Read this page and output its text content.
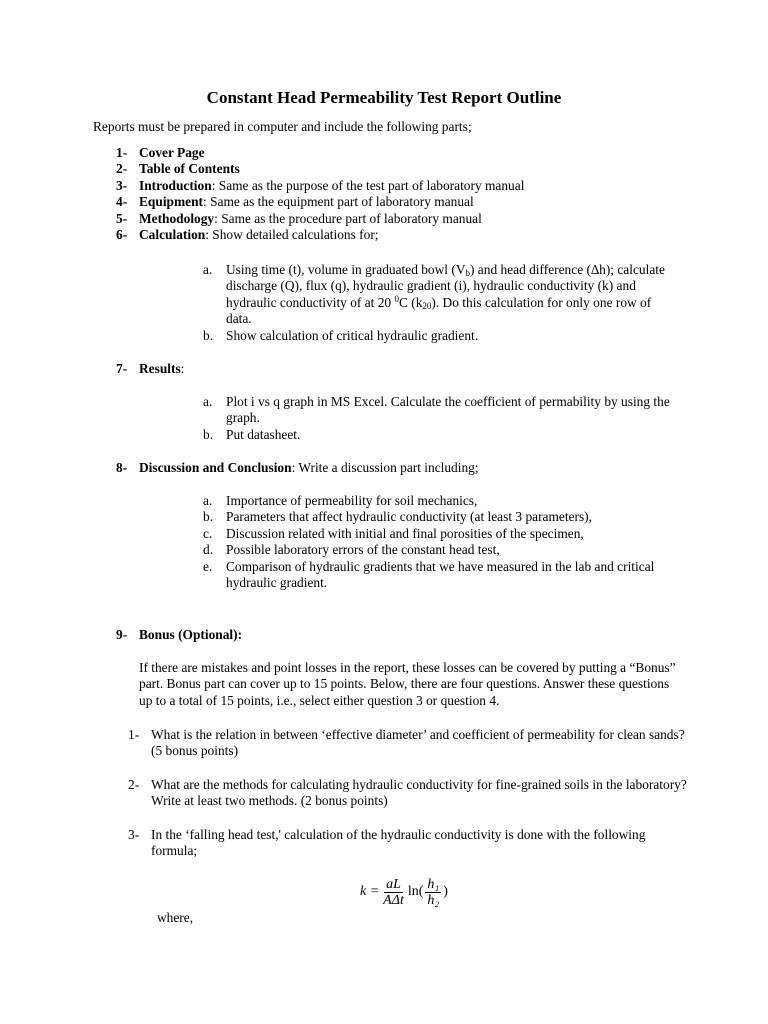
Constant Head Permeability Test Report Outline
Reports must be prepared in computer and include the following parts;
1- Cover Page
2- Table of Contents
3- Introduction : Same as the purpose of the test part of laboratory manual
4- Equipment : Same as the equipment part of laboratory manual
5- Methodology : Same as the procedure part of laboratory manual
6- Calculation : Show detailed calculations for;
a.	Using time (t), volume in graduated bowl $(V_b)$ and head difference (∆h); calculate discharge (Q), flux (q), hydraulic gradient (i), hydraulic conductivity (k) and hydraulic conductivity of at 20 $^0$C $(k_{20})$. Do this calculation for only one row of data.
b. Show calculation of critical hydraulic gradient.
7- Results :
a.	Plot i vs q graph in MS Excel. Calculate the coefficient of permability by using the graph.
b. Put datasheet.
8- Discussion and Conclusion : Write a discussion part including;
a.	Importance of permeability for soil mechanics,
b. Parameters that affect hydraulic conductivity (at least 3 parameters),
c.	Discussion related with initial and final porosities of the specimen,
d. Possible laboratory errors of the constant head test,
e.	Comparison of hydraulic gradients that we have measured in the lab and critical hydraulic gradient.
9- Bonus (Optional):
If there are mistakes and point losses in the report, these losses can be covered by putting a “Bonus” part. Bonus part can cover up to 15 points. Below, there are four questions. Answer these questions up to a total of 15 points, i.e., select either question 3 or question 4.
1- What is the relation in between ‘effective diameter’ and coefficient of permeability for clean sands? (5 bonus points)
2- What are the methods for calculating hydraulic conductivity for fine-grained soils in the laboratory? Write at least two methods. (2 bonus points)
3- In the ‘falling head test,' calculation of the hydraulic conductivity is done with the following formula;
$k = \frac{aL}{\text{AΔt}} \ln( \frac{\text{h₁}}{\text{h₂}}$ )
where,
